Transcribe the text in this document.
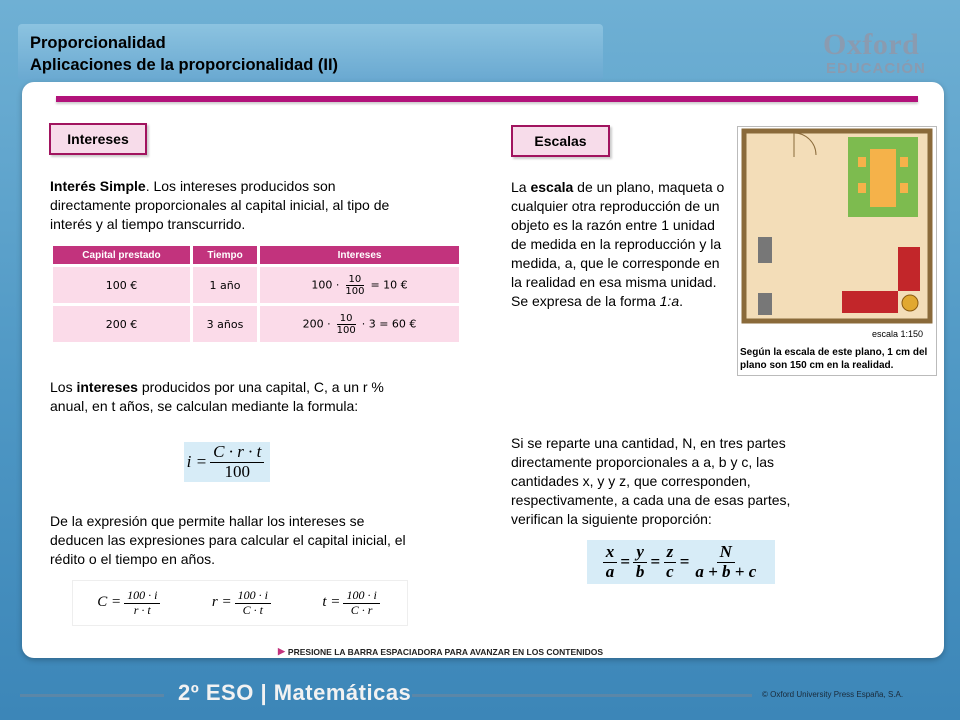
Proporcionalidad
Aplicaciones de la proporcionalidad (II)
Oxford
EDUCACIÓN
Intereses
Interés Simple. Los intereses producidos son directamente proporcionales al capital inicial, al tipo de interés y al tiempo transcurrido.
Capital prestado	Tiempo	Intereses
100 €	1 año	$100 \cdot \frac{10}{100} = 10$ €
200 €	3 años	$200 \cdot \frac{10}{100} \cdot 3 = 60$ €
Los intereses producidos por una capital, C, a un r % anual, en t años, se calculan mediante la formula:
$i = \frac{C \cdot r \cdot t}{100}$
De la expresión que permite hallar los intereses se deducen las expresiones para calcular el capital inicial, el rédito o el tiempo en años.
$C = \frac{100 \cdot i}{r \cdot t}$	$r = \frac{100 \cdot i}{C \cdot t}$	$t = \frac{100 \cdot i}{C \cdot r}$
Escalas
La escala de un plano, maqueta o cualquier otra reproducción de un objeto es la razón entre 1 unidad de medida en la reproducción y la medida, a, que le corresponde en la realidad en esa misma unidad.
Se expresa de la forma 1:a.
escala 1:150
Según la escala de este plano, 1 cm del plano son 150 cm en la realidad.
Si se reparte una cantidad, N, en tres partes directamente proporcionales a a, b y c, las cantidades x, y y z, que corresponden, respectivamente, a cada una de esas partes, verifican la siguiente proporción:
$\frac{x}{a} = \frac{y}{b} = \frac{z}{c} = \frac{N}{a + b + c}$
▶ PRESIONE LA BARRA ESPACIADORA PARA AVANZAR EN LOS CONTENIDOS
2º ESO | Matemáticas	© Oxford University Press España, S.A.
